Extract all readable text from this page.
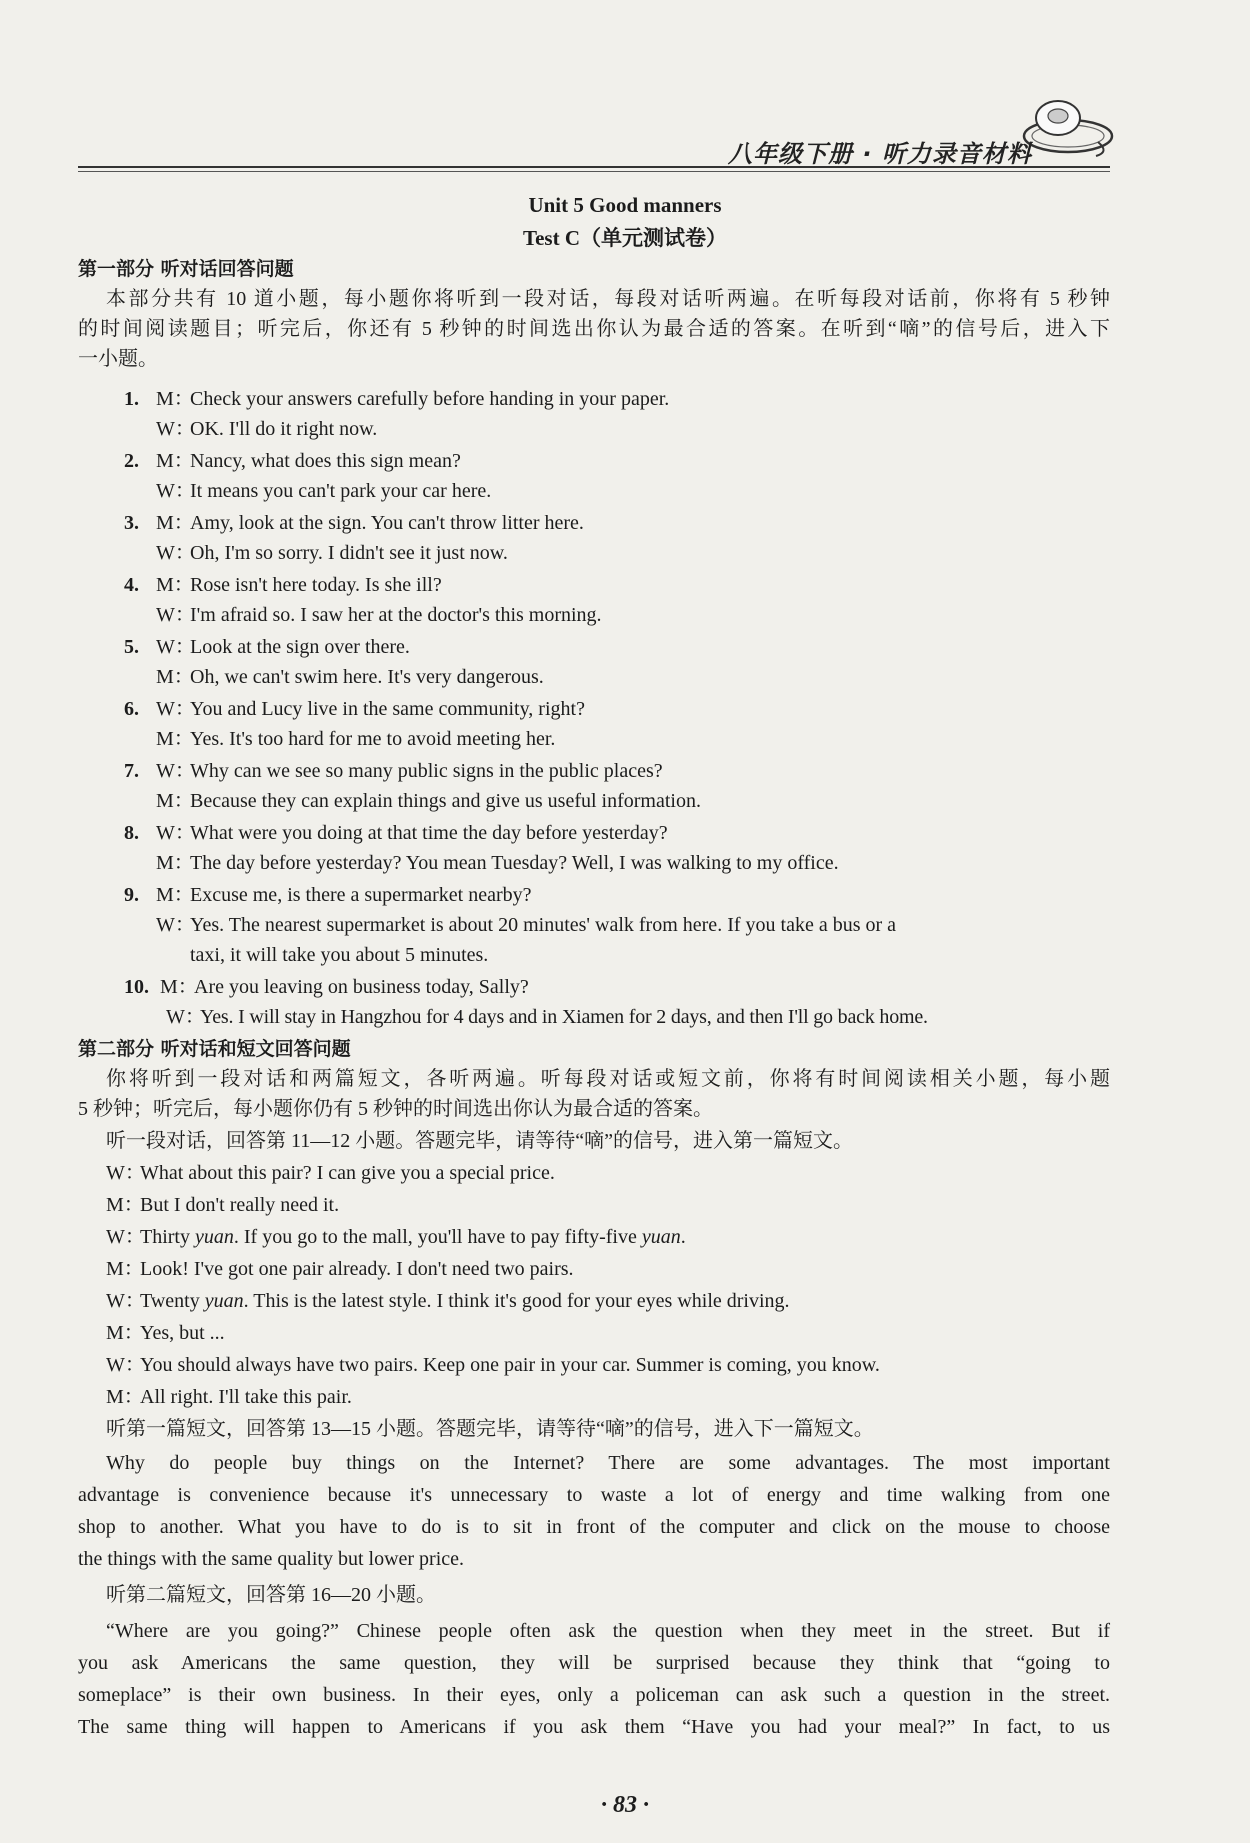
八年级下册 · 听力录音材料
Unit 5 Good manners
Test C（单元测试卷）
第一部分 听对话回答问题
本部分共有 10 道小题，每小题你将听到一段对话，每段对话听两遍。在听每段对话前，你将有 5 秒钟
的时间阅读题目；听完后，你还有 5 秒钟的时间选出你认为最合适的答案。在听到“嘀”的信号后，进入下
一小题。
1. M：Check your answers carefully before handing in your paper.
W：OK. I'll do it right now.
2. M：Nancy, what does this sign mean?
W：It means you can't park your car here.
3. M：Amy, look at the sign. You can't throw litter here.
W：Oh, I'm so sorry. I didn't see it just now.
4. M：Rose isn't here today. Is she ill?
W：I'm afraid so. I saw her at the doctor's this morning.
5. W：Look at the sign over there.
M：Oh, we can't swim here. It's very dangerous.
6. W：You and Lucy live in the same community, right?
M：Yes. It's too hard for me to avoid meeting her.
7. W：Why can we see so many public signs in the public places?
M：Because they can explain things and give us useful information.
8. W：What were you doing at that time the day before yesterday?
M：The day before yesterday? You mean Tuesday? Well, I was walking to my office.
9. M：Excuse me, is there a supermarket nearby?
W：Yes. The nearest supermarket is about 20 minutes' walk from here. If you take a bus or a
taxi, it will take you about 5 minutes.
10. M：Are you leaving on business today, Sally?
W：Yes. I will stay in Hangzhou for 4 days and in Xiamen for 2 days, and then I'll go back home.
第二部分 听对话和短文回答问题
你将听到一段对话和两篇短文，各听两遍。听每段对话或短文前，你将有时间阅读相关小题，每小题
5 秒钟；听完后，每小题你仍有 5 秒钟的时间选出你认为最合适的答案。
听一段对话，回答第 11—12 小题。答题完毕，请等待“嘀”的信号，进入第一篇短文。
W：What about this pair? I can give you a special price.
M：But I don't really need it.
W：Thirty yuan. If you go to the mall, you'll have to pay fifty-five yuan.
M：Look! I've got one pair already. I don't need two pairs.
W：Twenty yuan. This is the latest style. I think it's good for your eyes while driving.
M：Yes, but ...
W：You should always have two pairs. Keep one pair in your car. Summer is coming, you know.
M：All right. I'll take this pair.
听第一篇短文，回答第 13—15 小题。答题完毕，请等待“嘀”的信号，进入下一篇短文。
Why do people buy things on the Internet? There are some advantages. The most important
advantage is convenience because it's unnecessary to waste a lot of energy and time walking from one
shop to another. What you have to do is to sit in front of the computer and click on the mouse to choose
the things with the same quality but lower price.
听第二篇短文，回答第 16—20 小题。
“Where are you going?” Chinese people often ask the question when they meet in the street. But if
you ask Americans the same question, they will be surprised because they think that “going to
someplace” is their own business. In their eyes, only a policeman can ask such a question in the street.
The same thing will happen to Americans if you ask them “Have you had your meal?” In fact, to us
· 83 ·
